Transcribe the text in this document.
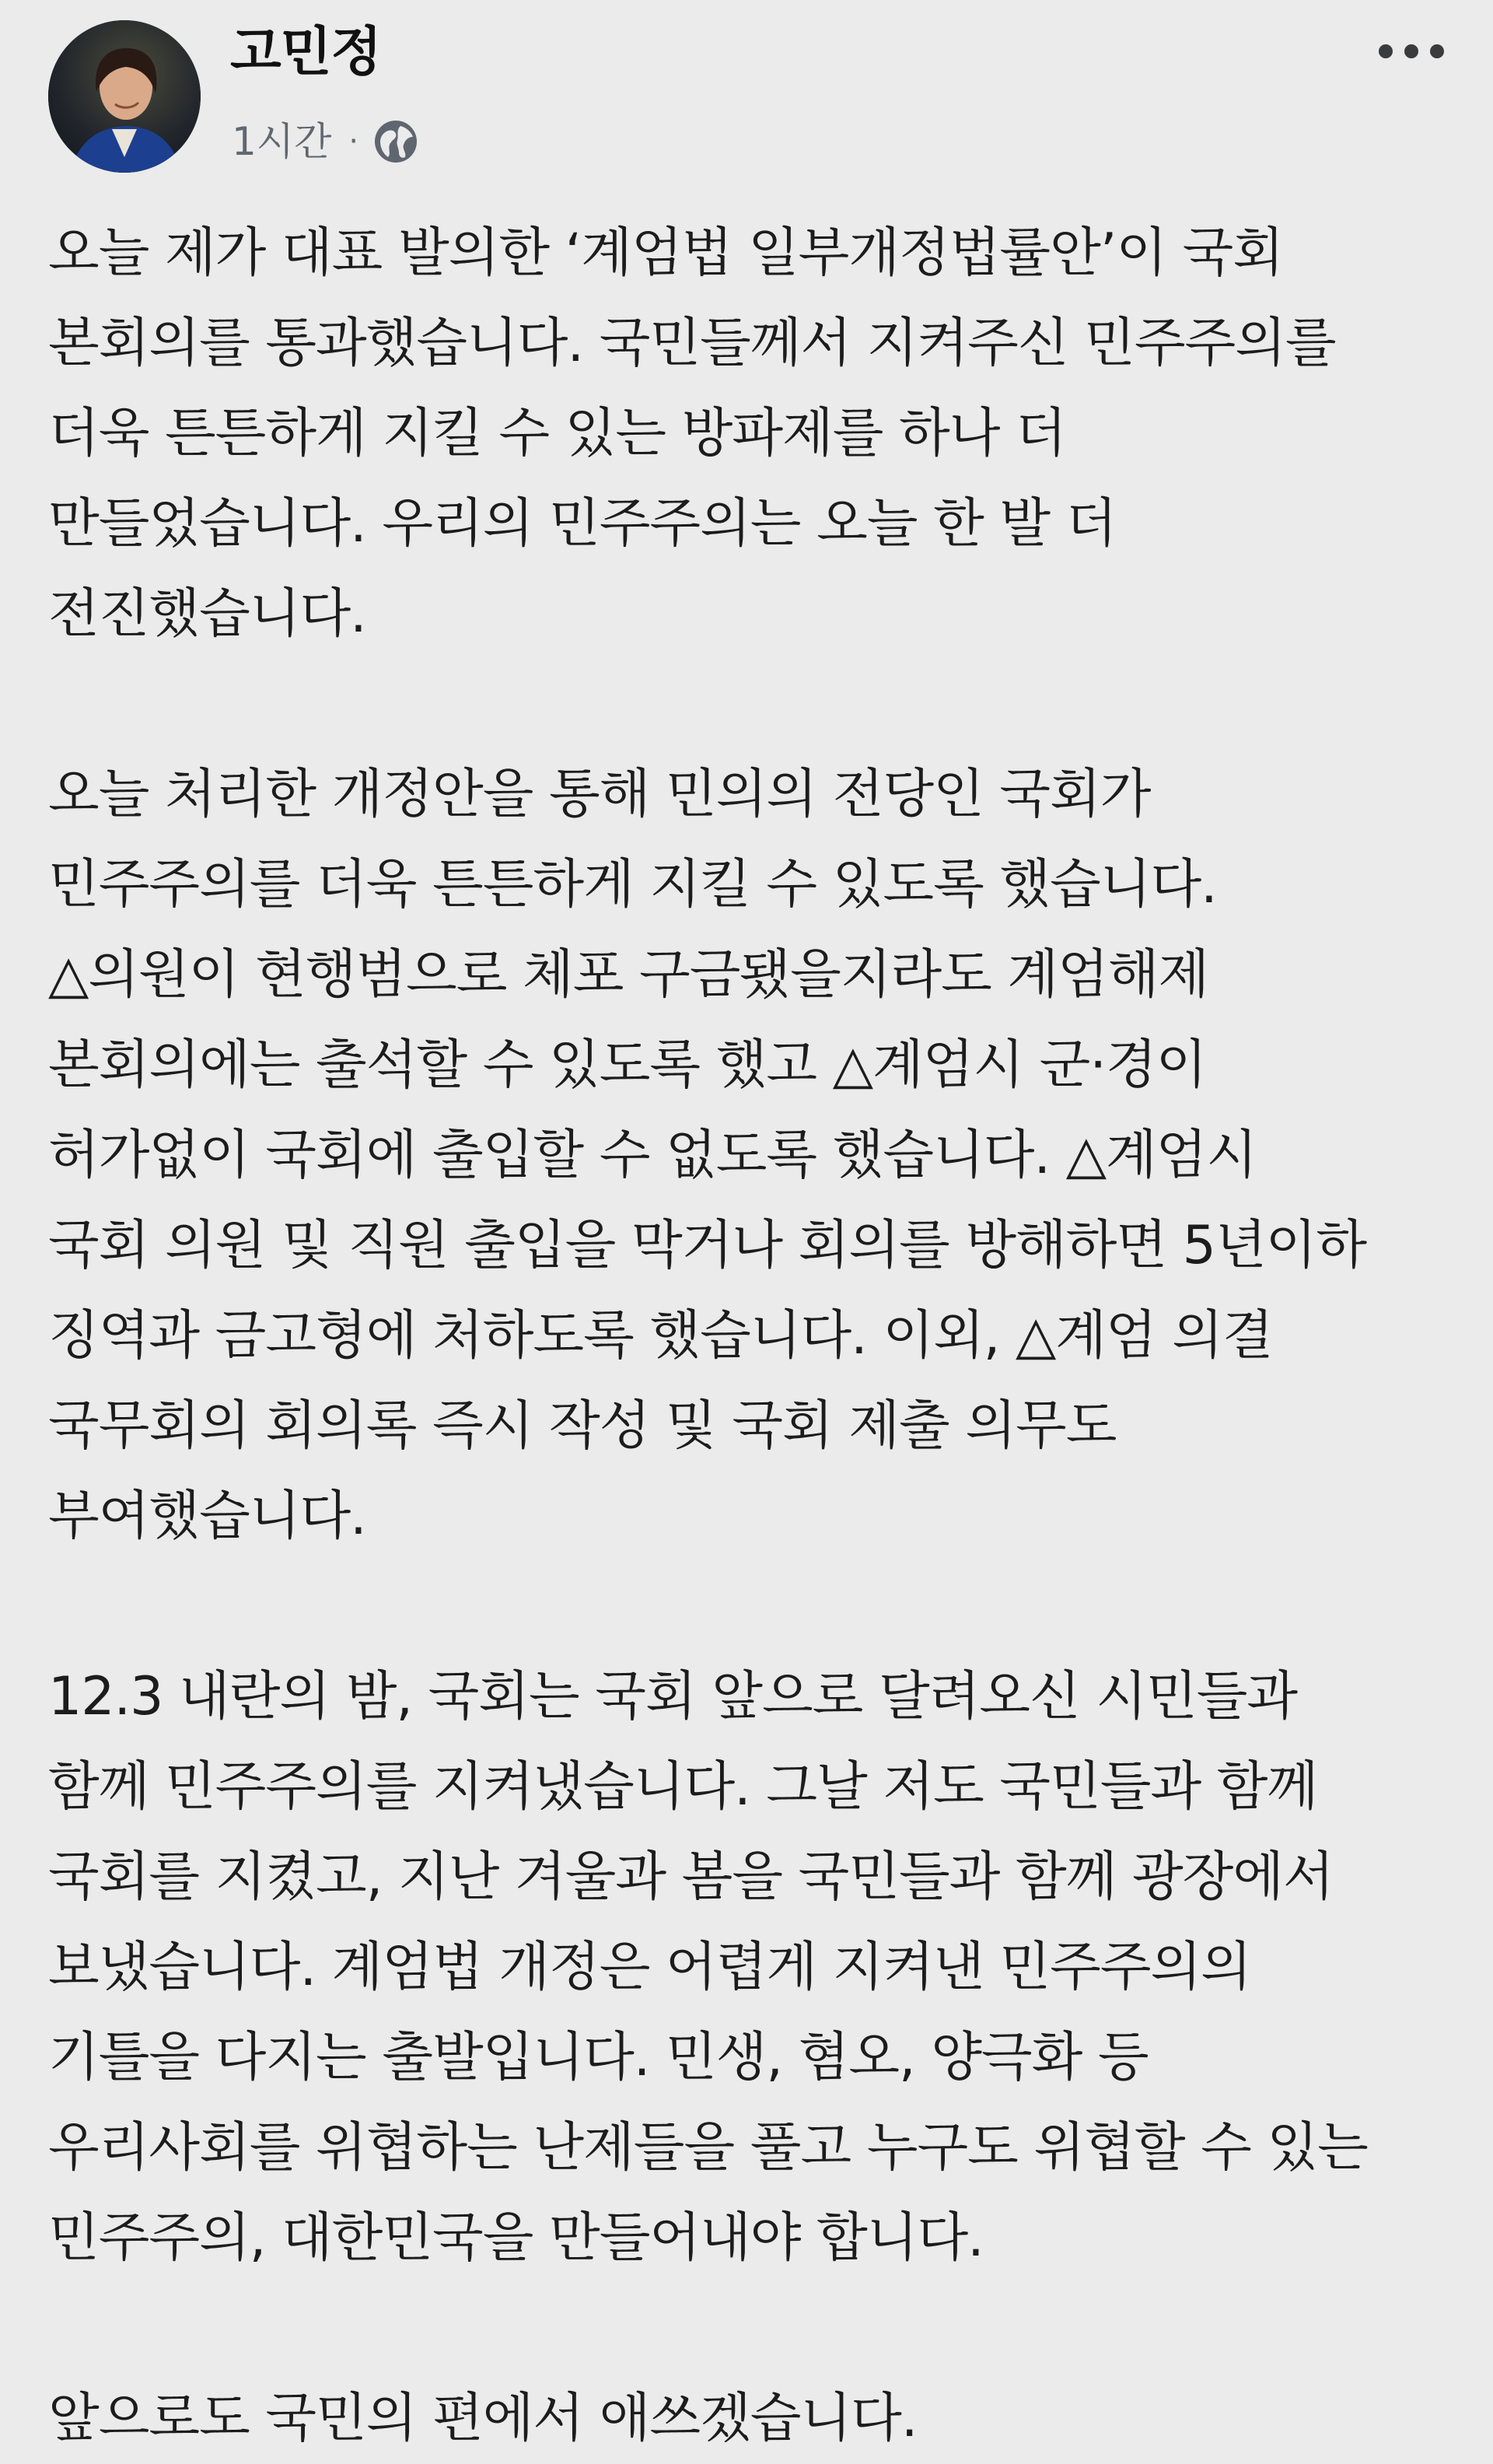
고민정
1시간 ·
오늘 제가 대표 발의한 ‘계엄법 일부개정법률안’이 국회
본회의를 통과했습니다. 국민들께서 지켜주신 민주주의를
더욱 튼튼하게 지킬 수 있는 방파제를 하나 더
만들었습니다. 우리의 민주주의는 오늘 한 발 더
전진했습니다.
오늘 처리한 개정안을 통해 민의의 전당인 국회가
민주주의를 더욱 튼튼하게 지킬 수 있도록 했습니다.
△의원이 현행범으로 체포 구금됐을지라도 계엄해제
본회의에는 출석할 수 있도록 했고 △계엄시 군·경이
허가없이 국회에 출입할 수 없도록 했습니다. △계엄시
국회 의원 및 직원 출입을 막거나 회의를 방해하면 5년이하
징역과 금고형에 처하도록 했습니다. 이외, △계엄 의결
국무회의 회의록 즉시 작성 및 국회 제출 의무도
부여했습니다.
12.3 내란의 밤, 국회는 국회 앞으로 달려오신 시민들과
함께 민주주의를 지켜냈습니다. 그날 저도 국민들과 함께
국회를 지켰고, 지난 겨울과 봄을 국민들과 함께 광장에서
보냈습니다. 계엄법 개정은 어렵게 지켜낸 민주주의의
기틀을 다지는 출발입니다. 민생, 혐오, 양극화 등
우리사회를 위협하는 난제들을 풀고 누구도 위협할 수 있는
민주주의, 대한민국을 만들어내야 합니다.
앞으로도 국민의 편에서 애쓰겠습니다.
